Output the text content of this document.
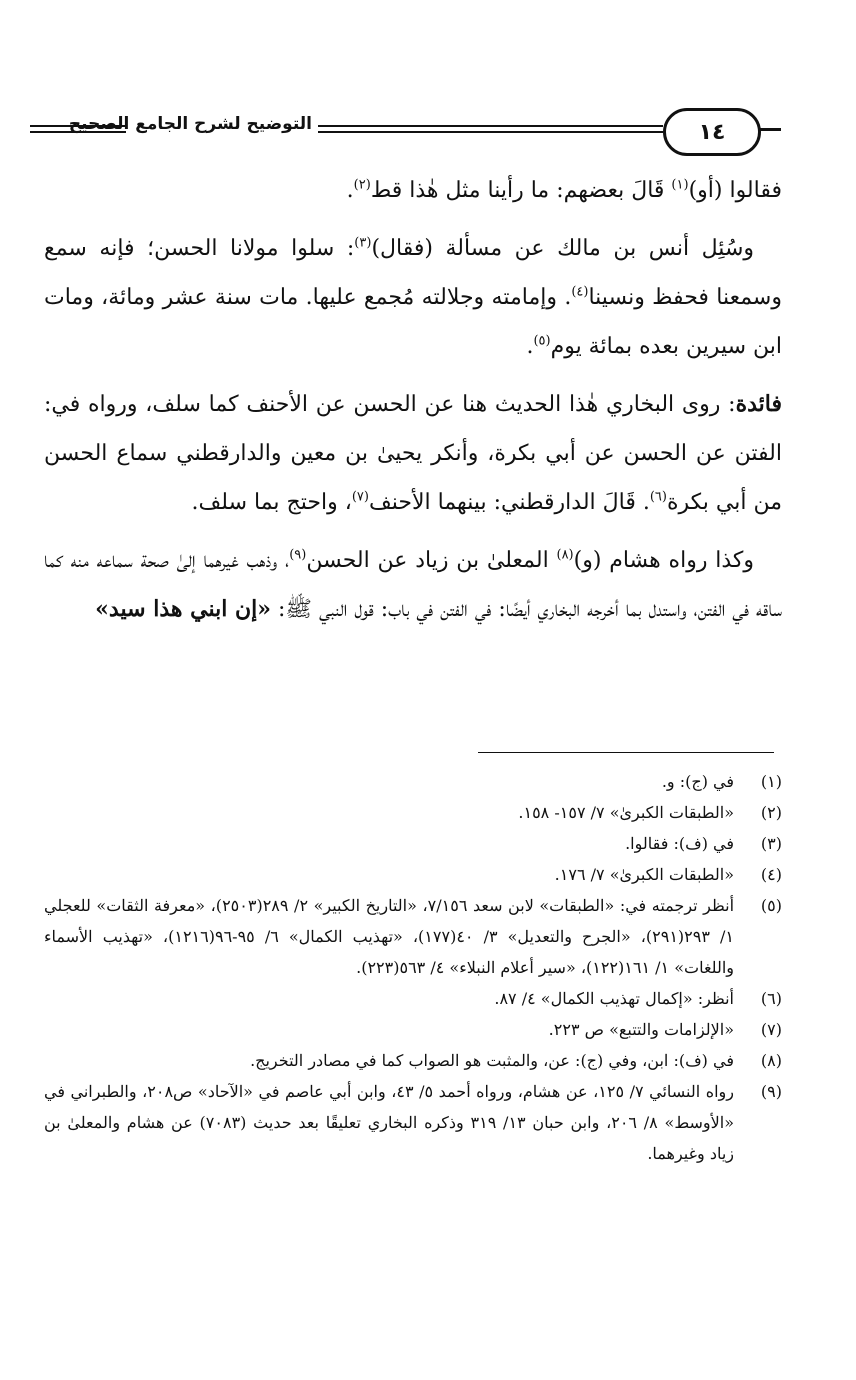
التوضيح لشرح الجامع الصحيح	١٤

فقالوا (أو)$^{(١)}$ قَالَ بعضهم: ما رأينا مثل هٰذا قط$^{(٢)}$.

وسُئِل أنس بن مالك عن مسألة (فقال)$^{(٣)}$: سلوا مولانا الحسن؛ فإنه سمع وسمعنا فحفظ ونسينا$^{(٤)}$. وإمامته وجلالته مُجمع عليها. مات سنة عشر ومائة، ومات ابن سيرين بعده بمائة يوم$^{(٥)}$.

فائدة: روى البخاري هٰذا الحديث هنا عن الحسن عن الأحنف كما سلف، ورواه في: الفتن عن الحسن عن أبي بكرة، وأنكر يحيىٰ بن معين والدارقطني سماع الحسن من أبي بكرة$^{(٦)}$. قَالَ الدارقطني: بينهما الأحنف$^{(٧)}$، واحتج بما سلف.

وكذا رواه هشام (و)$^{(٨)}$ المعلىٰ بن زياد عن الحسن$^{(٩)}$، وذهب غيرهما إلىٰ صحة سماعه منه كما ساقه في الفتن، واستدل بما أخرجه البخاري أيضًا: في الفتن في باب: قول النبي ﷺ: «إن ابني هذا سيد»

(١)
في (ج): و.
(٢)
«الطبقات الكبرىٰ» ٧/ ١٥٧- ١٥٨.
(٣)
في (ف): فقالوا.
(٤)
«الطبقات الكبرىٰ» ٧/ ١٧٦.
(٥)
أنظر ترجمته في: «الطبقات» لابن سعد ٧/١٥٦، «التاريخ الكبير» ٢/ ٢٨٩(٢٥٠٣)، «معرفة الثقات» للعجلي ١/ ٢٩٣(٢٩١)، «الجرح والتعديل» ٣/ ٤٠(١٧٧)، «تهذيب الكمال» ٦/ ٩٥-٩٦(١٢١٦)، «تهذيب الأسماء واللغات» ١/ ١٦١(١٢٢)، «سير أعلام النبلاء» ٤/ ٥٦٣(٢٢٣).
(٦)
أنظر: «إكمال تهذيب الكمال» ٤/ ٨٧.
(٧)
«الإلزامات والتتبع» ص ٢٢٣.
(٨)
في (ف): ابن، وفي (ج): عن، والمثبت هو الصواب كما في مصادر التخريج.
(٩)
رواه النسائي ٧/ ١٢٥، عن هشام، ورواه أحمد ٥/ ٤٣، وابن أبي عاصم في «الآحاد» ص٢٠٨، والطبراني في «الأوسط» ٨/ ٢٠٦، وابن حبان ١٣/ ٣١٩ وذكره البخاري تعليقًا بعد حديث (٧٠٨٣) عن هشام والمعلىٰ بن زياد وغيرهما.
